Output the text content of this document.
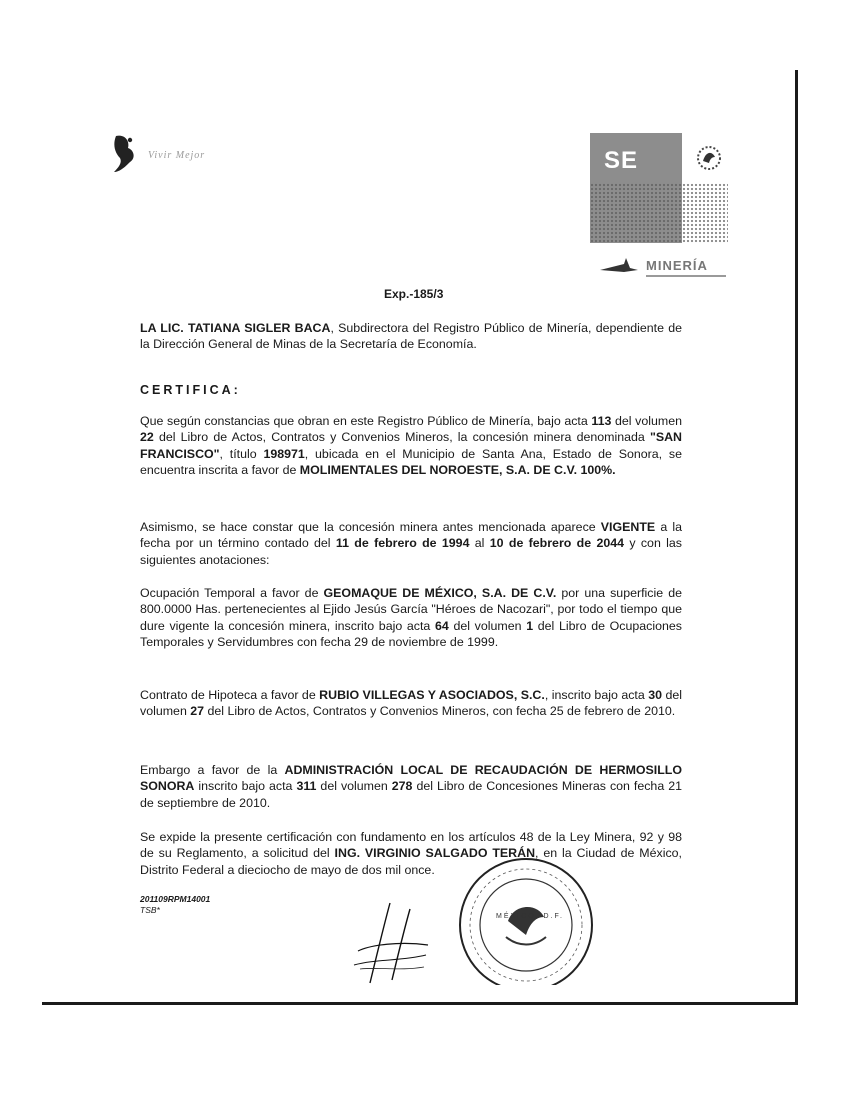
Vivir Mejor	SE
MINERÍA
Exp.-185/3
LA LIC. TATIANA SIGLER BACA, Subdirectora del Registro Público de Minería, dependiente de la Dirección General de Minas de la Secretaría de Economía.
CERTIFICA:
Que según constancias que obran en este Registro Público de Minería, bajo acta 113 del volumen 22 del Libro de Actos, Contratos y Convenios Mineros, la concesión minera denominada "SAN FRANCISCO", título 198971, ubicada en el Municipio de Santa Ana, Estado de Sonora, se encuentra inscrita a favor de MOLIMENTALES DEL NOROESTE, S.A. DE C.V. 100%.
Asimismo, se hace constar que la concesión minera antes mencionada aparece VIGENTE a la fecha por un término contado del 11 de febrero de 1994 al 10 de febrero de 2044 y con las siguientes anotaciones:
Ocupación Temporal a favor de GEOMAQUE DE MÉXICO, S.A. DE C.V. por una superficie de 800.0000 Has. pertenecientes al Ejido Jesús García "Héroes de Nacozari", por todo el tiempo que dure vigente la concesión minera, inscrito bajo acta 64 del volumen 1 del Libro de Ocupaciones Temporales y Servidumbres con fecha 29 de noviembre de 1999.
Contrato de Hipoteca a favor de RUBIO VILLEGAS Y ASOCIADOS, S.C., inscrito bajo acta 30 del volumen 27 del Libro de Actos, Contratos y Convenios Mineros, con fecha 25 de febrero de 2010.
Embargo a favor de la ADMINISTRACIÓN LOCAL DE RECAUDACIÓN DE HERMOSILLO SONORA inscrito bajo acta 311 del volumen 278 del Libro de Concesiones Mineras con fecha 21 de septiembre de 2010.
Se expide la presente certificación con fundamento en los artículos 48 de la Ley Minera, 92 y 98 de su Reglamento, a solicitud del ING. VIRGINIO SALGADO TERÁN, en la Ciudad de México, Distrito Federal a dieciocho de mayo de dos mil once.
2011​09RPM14001
TSB*
MÉXICO, D.F.
